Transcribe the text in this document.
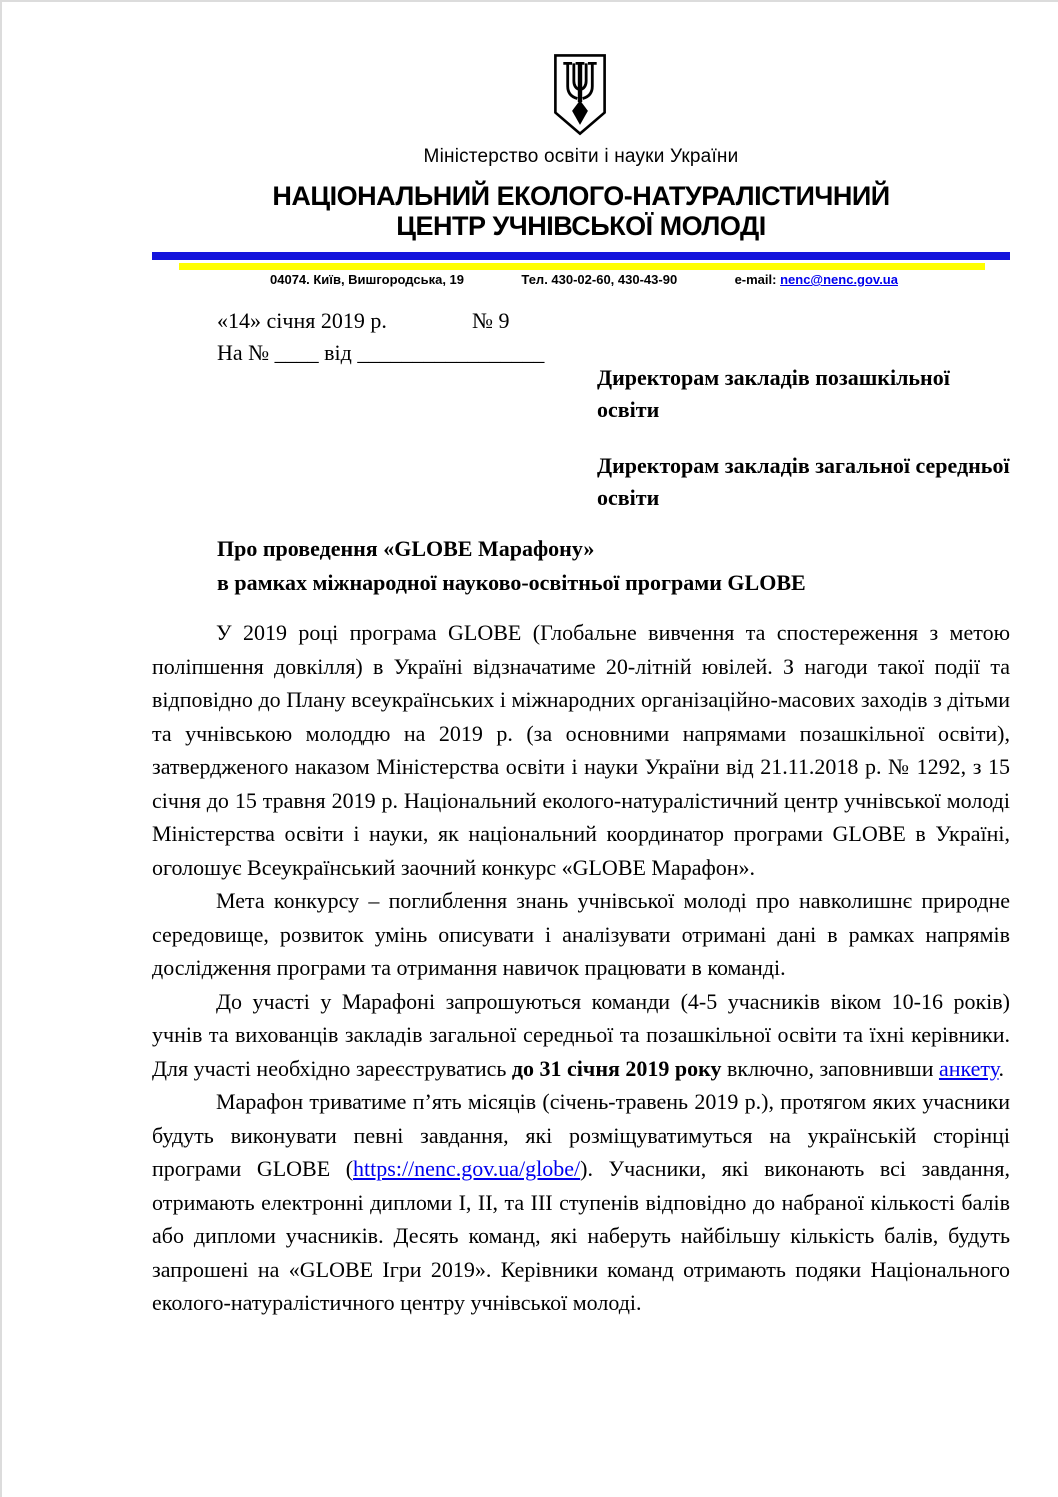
Міністерство освіти і науки України
НАЦІОНАЛЬНИЙ ЕКОЛОГО-НАТУРАЛІСТИЧНИЙ
ЦЕНТР УЧНІВСЬКОЇ МОЛОДІ
04074. Київ, Вишгородська, 19	Тел. 430-02-60, 430-43-90	e-mail: nenc@nenc.gov.ua
«14» січня 2019 р.	№ 9
На № ____ від _________________

Директорам закладів позашкільної освіти

Директорам закладів загальної середньої освіти

Про проведення «GLOBE Марафону»
в рамках міжнародної науково-освітньої програми GLOBE

У 2019 році програма GLOBE (Глобальне вивчення та спостереження з метою поліпшення довкілля) в Україні відзначатиме 20-літній ювілей. З нагоди такої події та відповідно до Плану всеукраїнських і міжнародних організаційно-масових заходів з дітьми та учнівською молоддю на 2019 р. (за основними напрямами позашкільної освіти), затвердженого наказом Міністерства освіти і науки України від 21.11.2018 р. № 1292, з 15 січня до 15 травня 2019 р. Національний еколого-натуралістичний центр учнівської молоді Міністерства освіти і науки, як національний координатор програми GLOBE в Україні, оголошує Всеукраїнський заочний конкурс «GLOBE Марафон».

Мета конкурсу – поглиблення знань учнівської молоді про навколишнє природне середовище, розвиток умінь описувати і аналізувати отримані дані в рамках напрямів дослідження програми та отримання навичок працювати в команді.

До участі у Марафоні запрошуються команди (4-5 учасників віком 10-16 років) учнів та вихованців закладів загальної середньої та позашкільної освіти та їхні керівники. Для участі необхідно зареєструватись до 31 січня 2019 року включно, заповнивши анкету.

Марафон триватиме п’ять місяців (січень-травень 2019 р.), протягом яких учасники будуть виконувати певні завдання, які розміщуватимуться на українській сторінці програми GLOBE (https://nenc.gov.ua/globe/). Учасники, які виконають всі завдання, отримають електронні дипломи I, II, та III ступенів відповідно до набраної кількості балів або дипломи учасників. Десять команд, які наберуть найбільшу кількість балів, будуть запрошені на «GLOBE Ігри 2019». Керівники команд отримають подяки Національного еколого-натуралістичного центру учнівської молоді.
